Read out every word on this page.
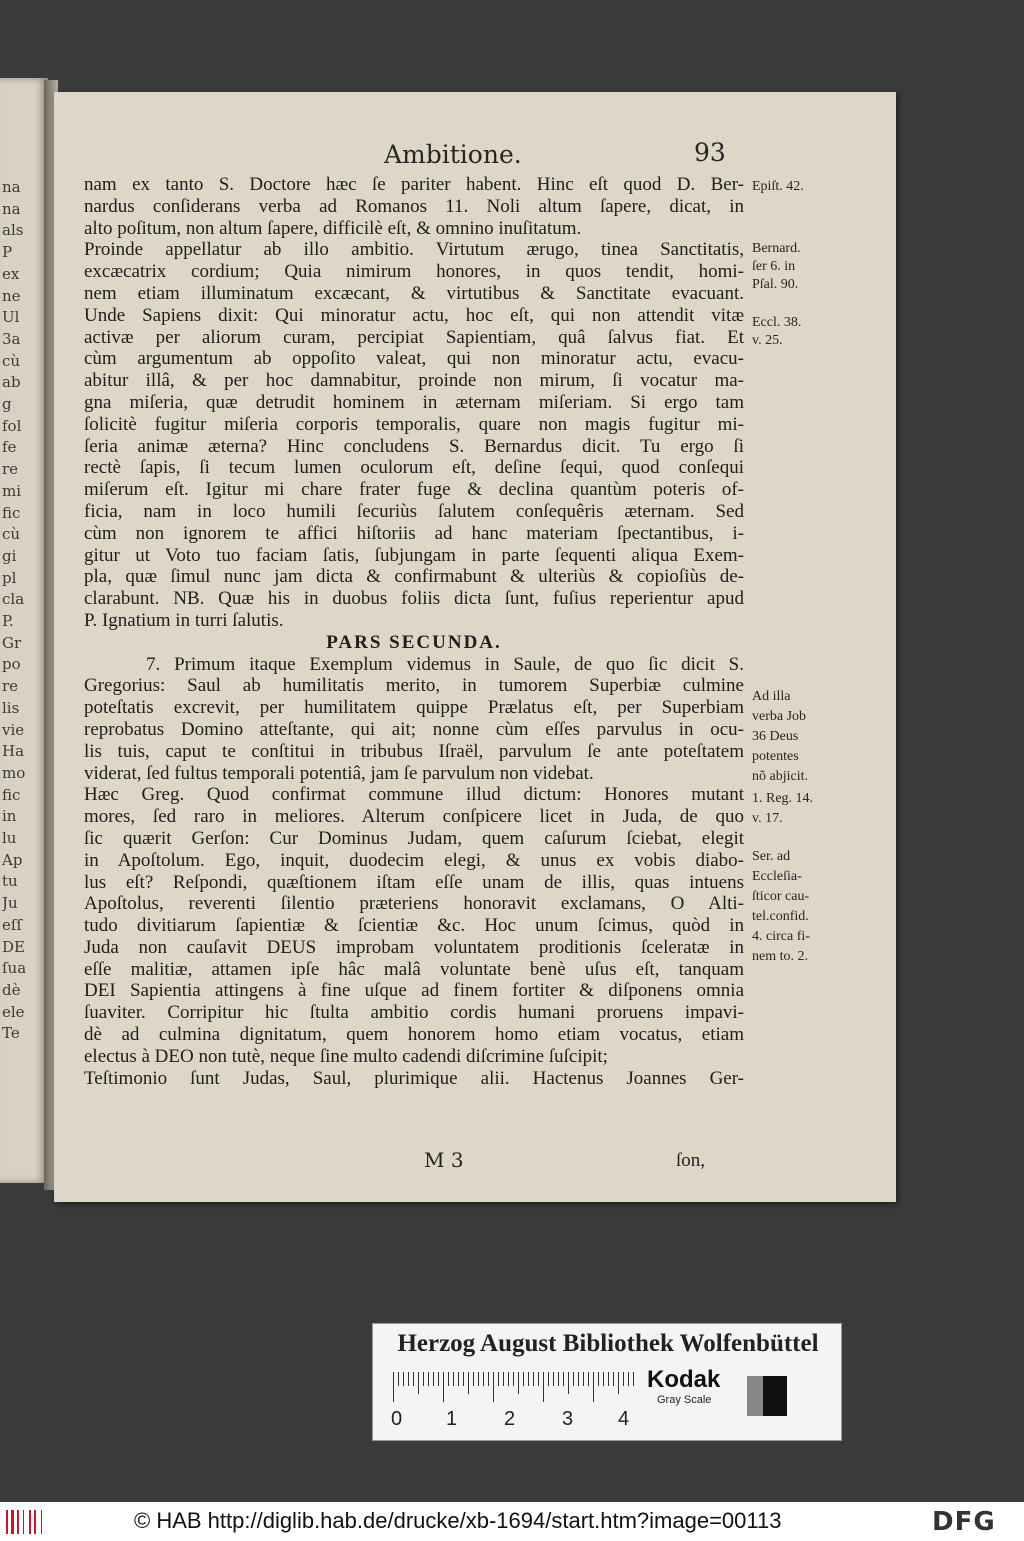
na
na
als
P
ex
ne
Ul
3a
cù
ab
g
fol
fe
re
mi
fic
cù
gi
pl
cla
P.
Gr
po
re
lis
vie
Ha
mo
fic
in
lu
Ap
tu
Ju
eſſ
DE
ſua
dè
ele
Te
Ambitione.	93
nam ex tanto S. Doctore hæc ſe pariter habent. Hinc eſt quod D. Ber-
nardus conſiderans verba ad Romanos 11. Noli altum ſapere, dicat, in
alto poſitum, non altum ſapere, difficilè eſt, & omnino inuſitatum.
Proinde appellatur ab illo ambitio. Virtutum ærugo, tinea Sanctitatis,
excæcatrix cordium; Quia nimirum honores, in quos tendit, homi-
nem etiam illuminatum excæcant, & virtutibus & Sanctitate evacuant.
Unde Sapiens dixit: Qui minoratur actu, hoc eſt, qui non attendit vitæ
activæ per aliorum curam, percipiat Sapientiam, quâ ſalvus fiat. Et
cùm argumentum ab oppoſito valeat, qui non minoratur actu, evacu-
abitur illâ, & per hoc damnabitur, proinde non mirum, ſi vocatur ma-
gna miſeria, quæ detrudit hominem in æternam miſeriam. Si ergo tam
ſolicitè fugitur miſeria corporis temporalis, quare non magis fugitur mi-
ſeria animæ æterna? Hinc concludens S. Bernardus dicit. Tu ergo ſi
rectè ſapis, ſi tecum lumen oculorum eſt, deſine ſequi, quod conſequi
miſerum eſt. Igitur mi chare frater fuge & declina quantùm poteris of-
ficia, nam in loco humili ſecuriùs ſalutem conſequêris æternam. Sed
cùm non ignorem te affici hiſtoriis ad hanc materiam ſpectantibus, i-
gitur ut Voto tuo faciam ſatis, ſubjungam in parte ſequenti aliqua Exem-
pla, quæ ſimul nunc jam dicta & confirmabunt & ulteriùs & copioſiùs de-
clarabunt. NB. Quæ his in duobus foliis dicta ſunt, fuſius reperientur apud
P. Ignatium in turri ſalutis.
PARS SECUNDA.
7. Primum itaque Exemplum videmus in Saule, de quo ſic dicit S.
Gregorius: Saul ab humilitatis merito, in tumorem Superbiæ culmine
poteſtatis excrevit, per humilitatem quippe Prælatus eſt, per Superbiam
reprobatus Domino atteſtante, qui ait; nonne cùm eſſes parvulus in ocu-
lis tuis, caput te conſtitui in tribubus Iſraël, parvulum ſe ante poteſtatem
viderat, ſed fultus temporali potentiâ, jam ſe parvulum non videbat.
Hæc Greg. Quod confirmat commune illud dictum: Honores mutant
mores, ſed raro in meliores. Alterum conſpicere licet in Juda, de quo
ſic quærit Gerſon: Cur Dominus Judam, quem caſurum ſciebat, elegit
in Apoſtolum. Ego, inquit, duodecim elegi, & unus ex vobis diabo-
lus eſt? Reſpondi, quæſtionem iſtam eſſe unam de illis, quas intuens
Apoſtolus, reverenti ſilentio præteriens honoravit exclamans, O Alti-
tudo divitiarum ſapientiæ & ſcientiæ &c. Hoc unum ſcimus, quòd in
Juda non cauſavit DEUS improbam voluntatem proditionis ſceleratæ in
eſſe malitiæ, attamen ipſe hâc malâ voluntate benè uſus eſt, tanquam
DEI Sapientia attingens à fine uſque ad finem fortiter & diſponens omnia
ſuaviter. Corripitur hic ſtulta ambitio cordis humani proruens impavi-
dè ad culmina dignitatum, quem honorem homo etiam vocatus, etiam
electus à DEO non tutè, neque ſine multo cadendi diſcrimine ſuſcipit;
Teſtimonio ſunt Judas, Saul, plurimique alii. Hactenus Joannes Ger-
Epiſt. 42.
Bernard.
ſer 6. in
Pſal. 90.
Eccl. 38.
v. 25.
Ad illa
verba Job
36 Deus
potentes
nõ abjicit.
1. Reg. 14.
v. 17.
Ser. ad
Eccleſia-
ſticor cau-
tel.confid.
4. circa fi-
nem to. 2.
M 3	ſon,
Herzog August Bibliothek Wolfenbüttel
0 1 2 3 4
Kodak
Gray Scale
© HAB http://diglib.hab.de/drucke/xb-1694/start.htm?image=00113	DFG
